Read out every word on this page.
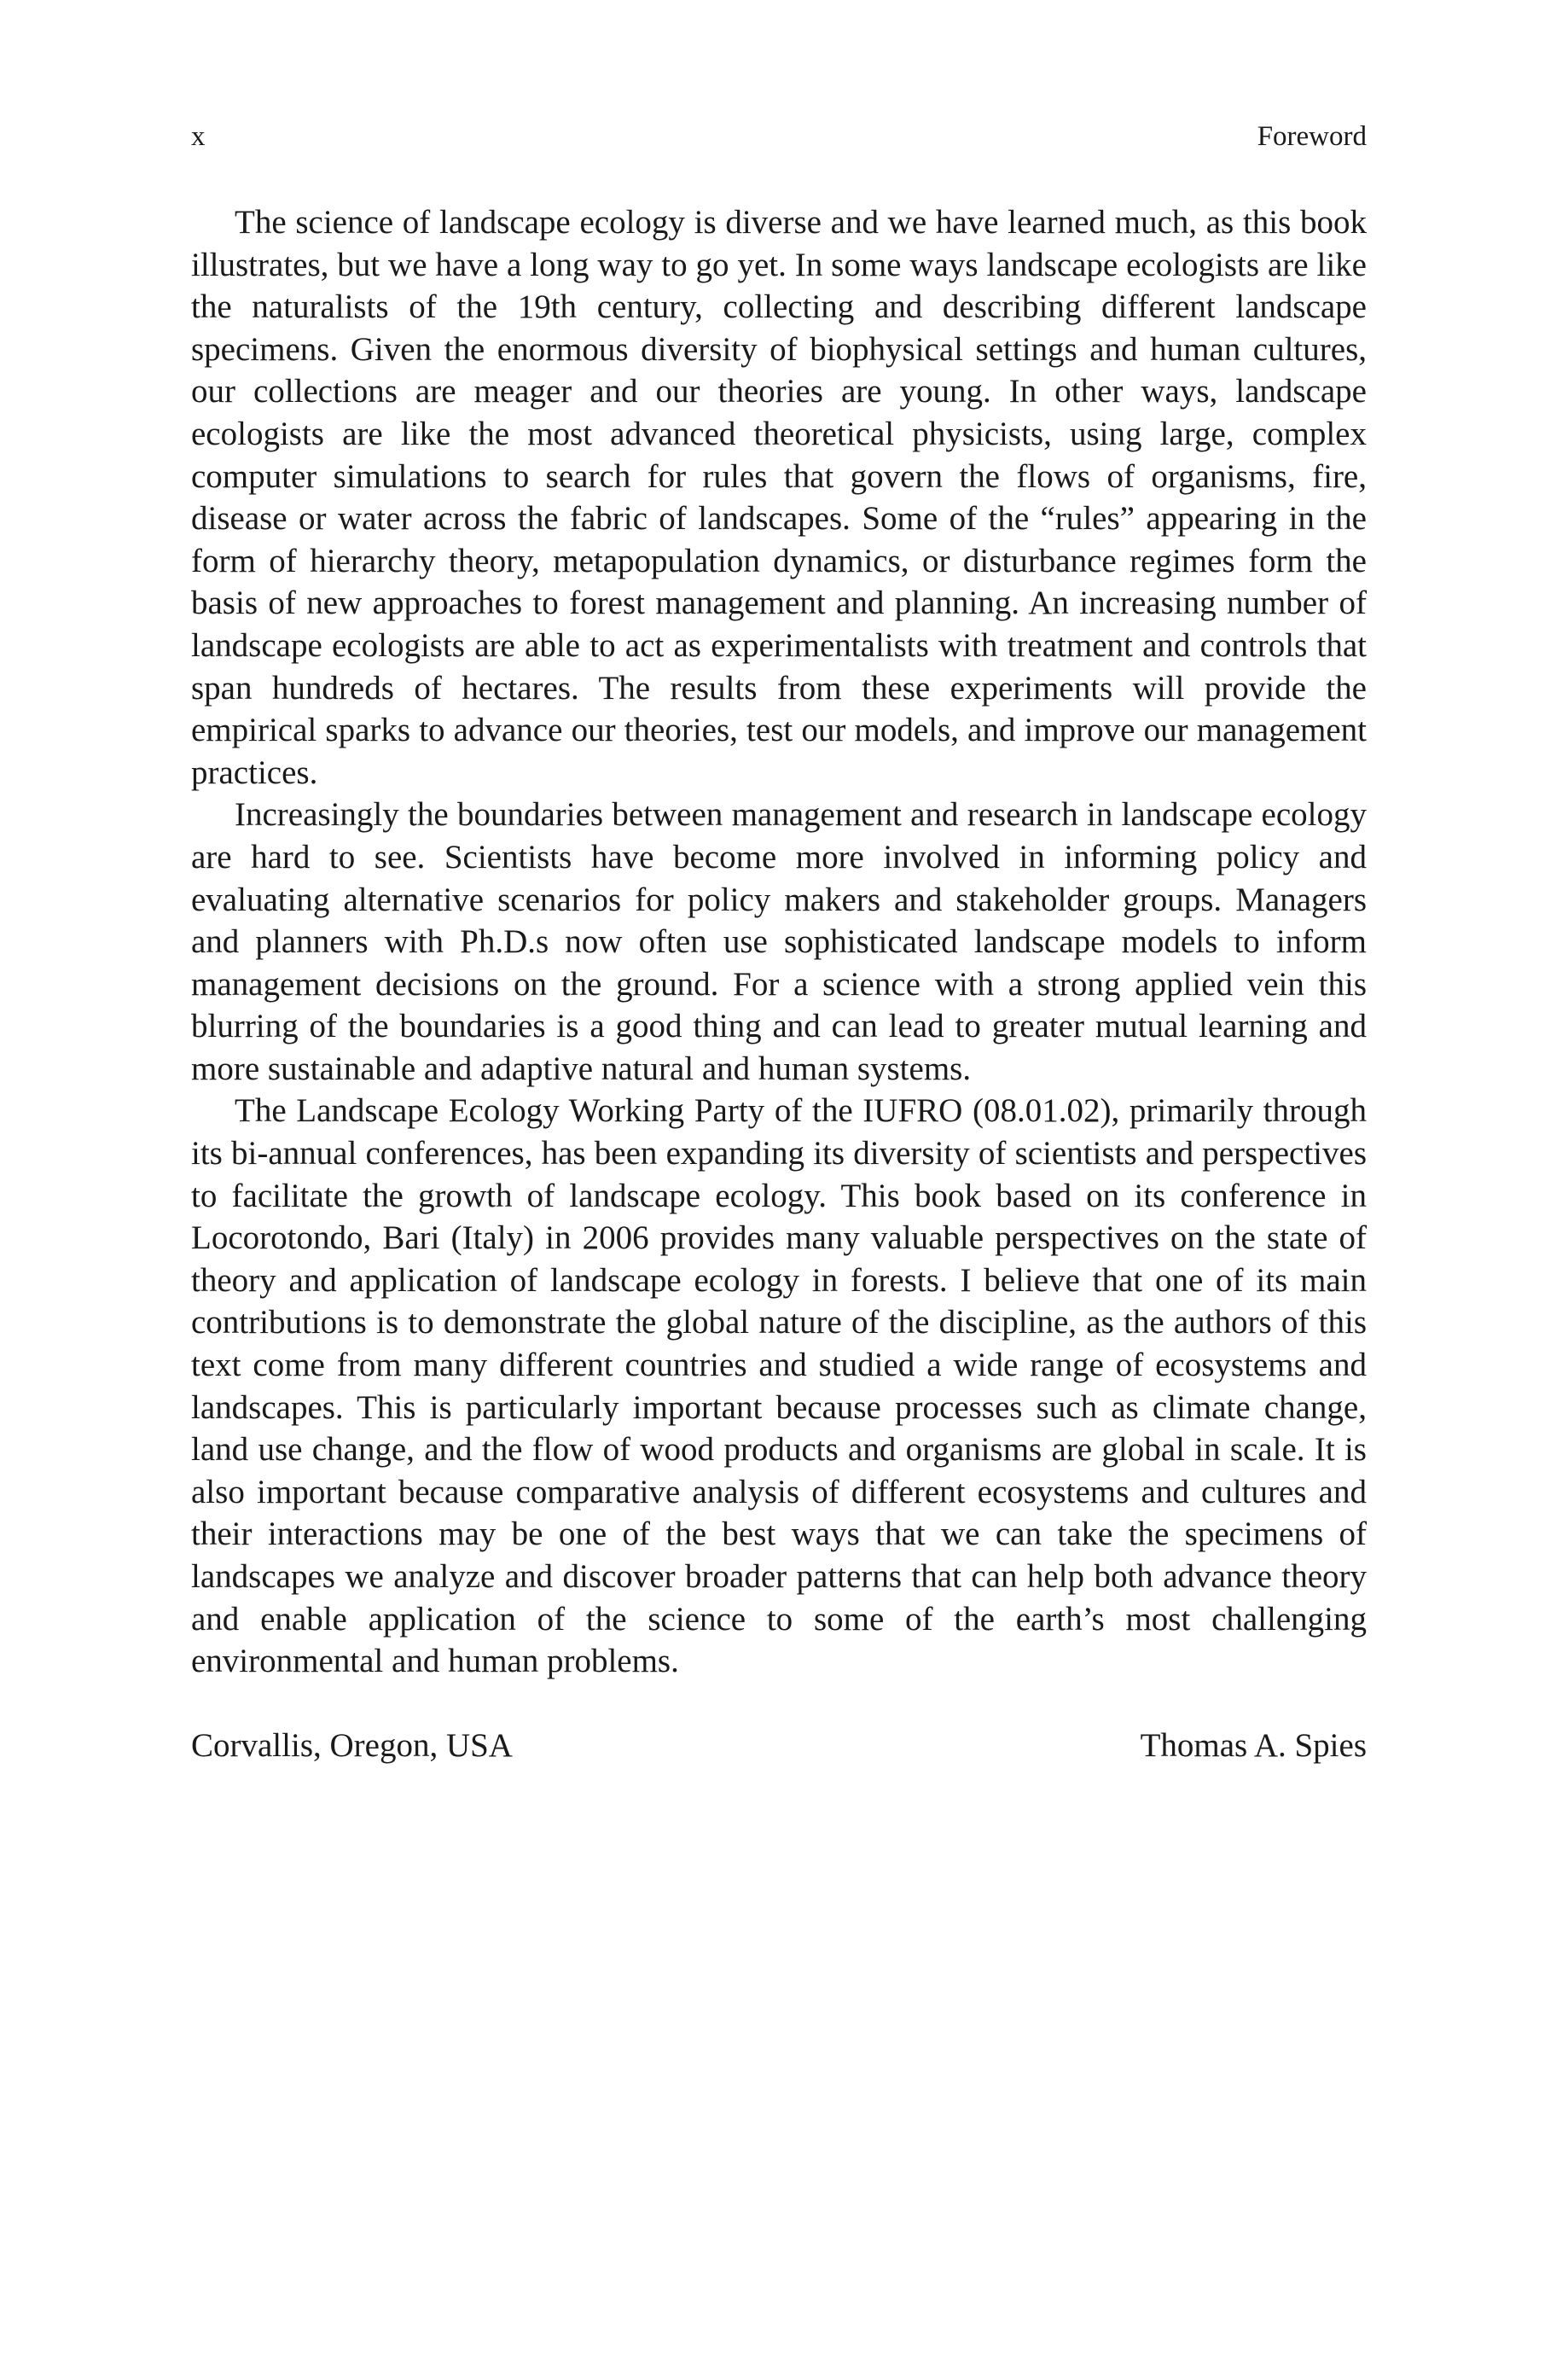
x	Foreword

The science of landscape ecology is diverse and we have learned much, as this book illustrates, but we have a long way to go yet. In some ways landscape ecologists are like the naturalists of the 19th century, collecting and describing different landscape specimens. Given the enormous diversity of biophysical settings and human cultures, our collections are meager and our theories are young. In other ways, landscape ecologists are like the most advanced theoretical physicists, using large, complex computer simulations to search for rules that govern the flows of organisms, fire, disease or water across the fabric of landscapes. Some of the “rules” appearing in the form of hierarchy theory, metapopulation dynamics, or disturbance regimes form the basis of new approaches to forest management and planning. An increasing number of landscape ecologists are able to act as experimentalists with treatment and controls that span hundreds of hectares. The results from these experiments will provide the empirical sparks to advance our theories, test our models, and improve our management practices.

Increasingly the boundaries between management and research in landscape ecology are hard to see. Scientists have become more involved in informing policy and evaluating alternative scenarios for policy makers and stakeholder groups. Managers and planners with Ph.D.s now often use sophisticated landscape models to inform management decisions on the ground. For a science with a strong applied vein this blurring of the boundaries is a good thing and can lead to greater mutual learning and more sustainable and adaptive natural and human systems.

The Landscape Ecology Working Party of the IUFRO (08.01.02), primarily through its bi-annual conferences, has been expanding its diversity of scientists and perspectives to facilitate the growth of landscape ecology. This book based on its conference in Locorotondo, Bari (Italy) in 2006 provides many valuable perspectives on the state of theory and application of landscape ecology in forests. I believe that one of its main contributions is to demonstrate the global nature of the discipline, as the authors of this text come from many different countries and studied a wide range of ecosystems and landscapes. This is particularly important because processes such as climate change, land use change, and the flow of wood products and organisms are global in scale. It is also important because comparative analysis of different ecosystems and cultures and their interactions may be one of the best ways that we can take the specimens of landscapes we analyze and discover broader patterns that can help both advance theory and enable application of the science to some of the earth’s most challenging environmental and human problems.

Corvallis, Oregon, USA	Thomas A. Spies
